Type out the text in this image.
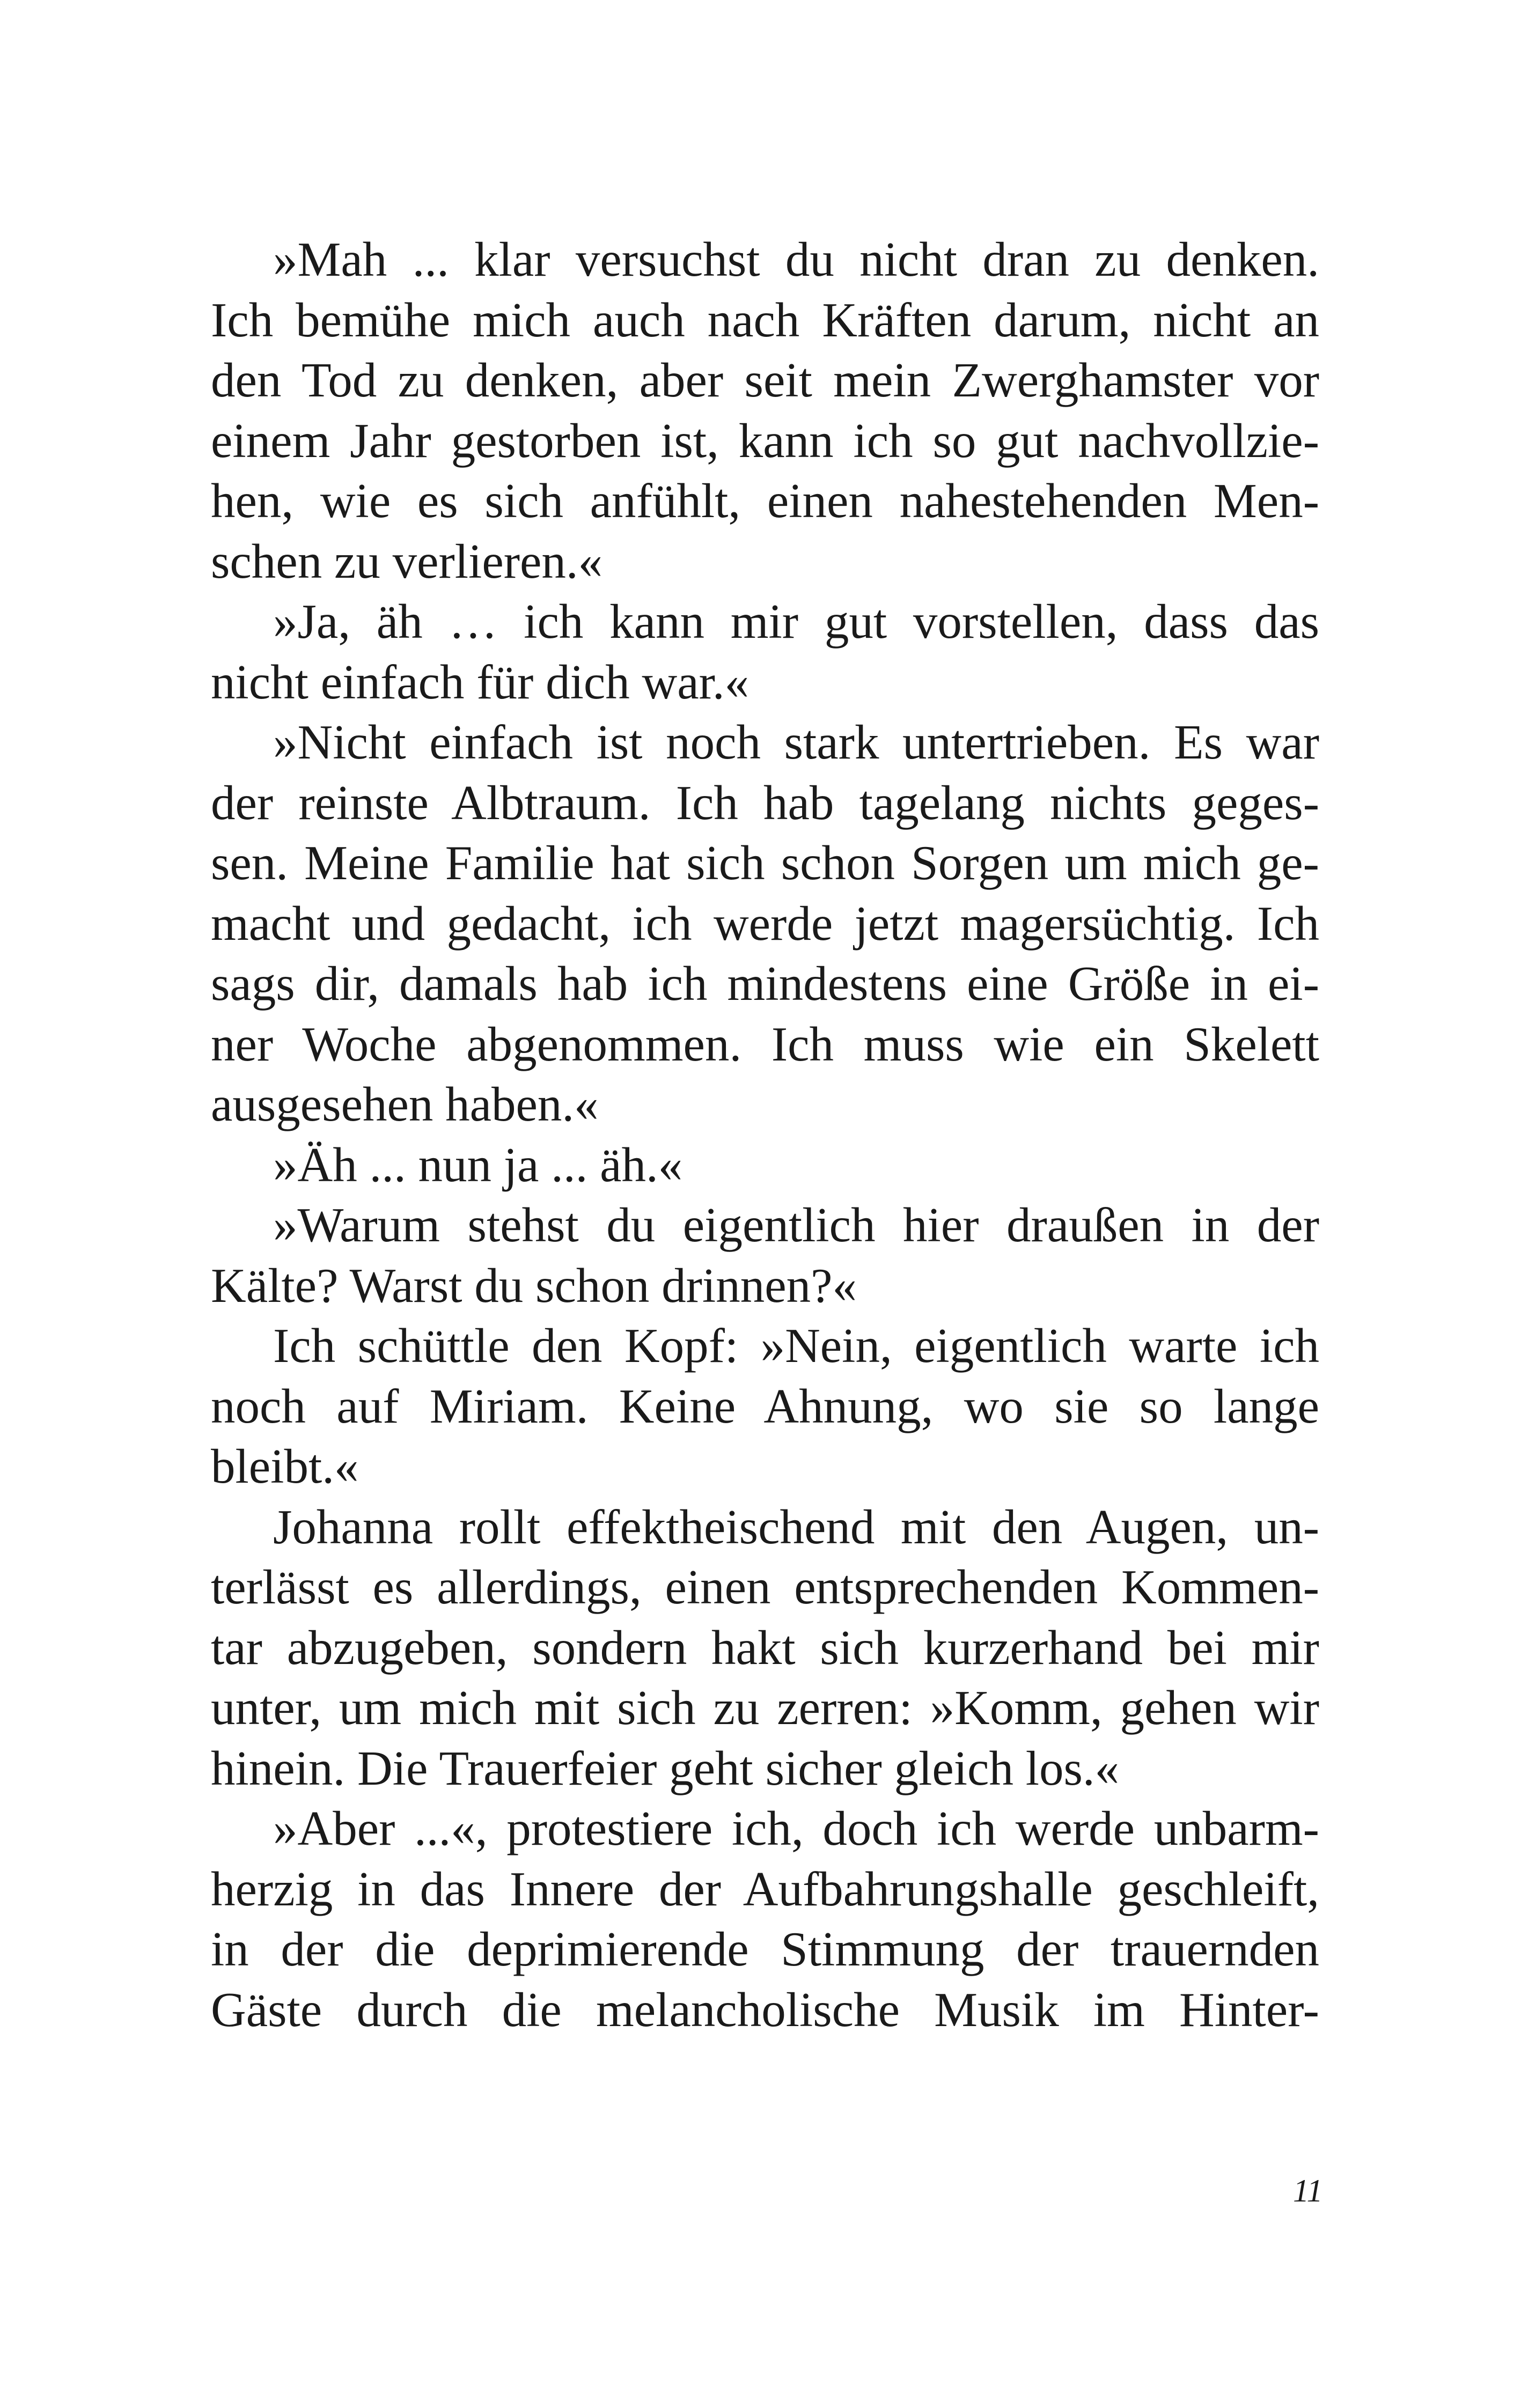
»Mah ... klar versuchst du nicht dran zu denken.
Ich bemühe mich auch nach Kräften darum, nicht an
den Tod zu denken, aber seit mein Zwerghamster vor
einem Jahr gestorben ist, kann ich so gut nachvollzie-
hen, wie es sich anfühlt, einen nahestehenden Men-
schen zu verlieren.«
»Ja, äh … ich kann mir gut vorstellen, dass das
nicht einfach für dich war.«
»Nicht einfach ist noch stark untertrieben. Es war
der reinste Albtraum. Ich hab tagelang nichts geges-
sen. Meine Familie hat sich schon Sorgen um mich ge-
macht und gedacht, ich werde jetzt magersüchtig. Ich
sags dir, damals hab ich mindestens eine Größe in ei-
ner Woche abgenommen. Ich muss wie ein Skelett
ausgesehen haben.«
»Äh ... nun ja ... äh.«
»Warum stehst du eigentlich hier draußen in der
Kälte? Warst du schon drinnen?«
Ich schüttle den Kopf: »Nein, eigentlich warte ich
noch auf Miriam. Keine Ahnung, wo sie so lange
bleibt.«
Johanna rollt effektheischend mit den Augen, un-
terlässt es allerdings, einen entsprechenden Kommen-
tar abzugeben, sondern hakt sich kurzerhand bei mir
unter, um mich mit sich zu zerren: »Komm, gehen wir
hinein. Die Trauerfeier geht sicher gleich los.«
»Aber ...«, protestiere ich, doch ich werde unbarm-
herzig in das Innere der Aufbahrungshalle geschleift,
in der die deprimierende Stimmung der trauernden
Gäste durch die melancholische Musik im Hinter-
11
